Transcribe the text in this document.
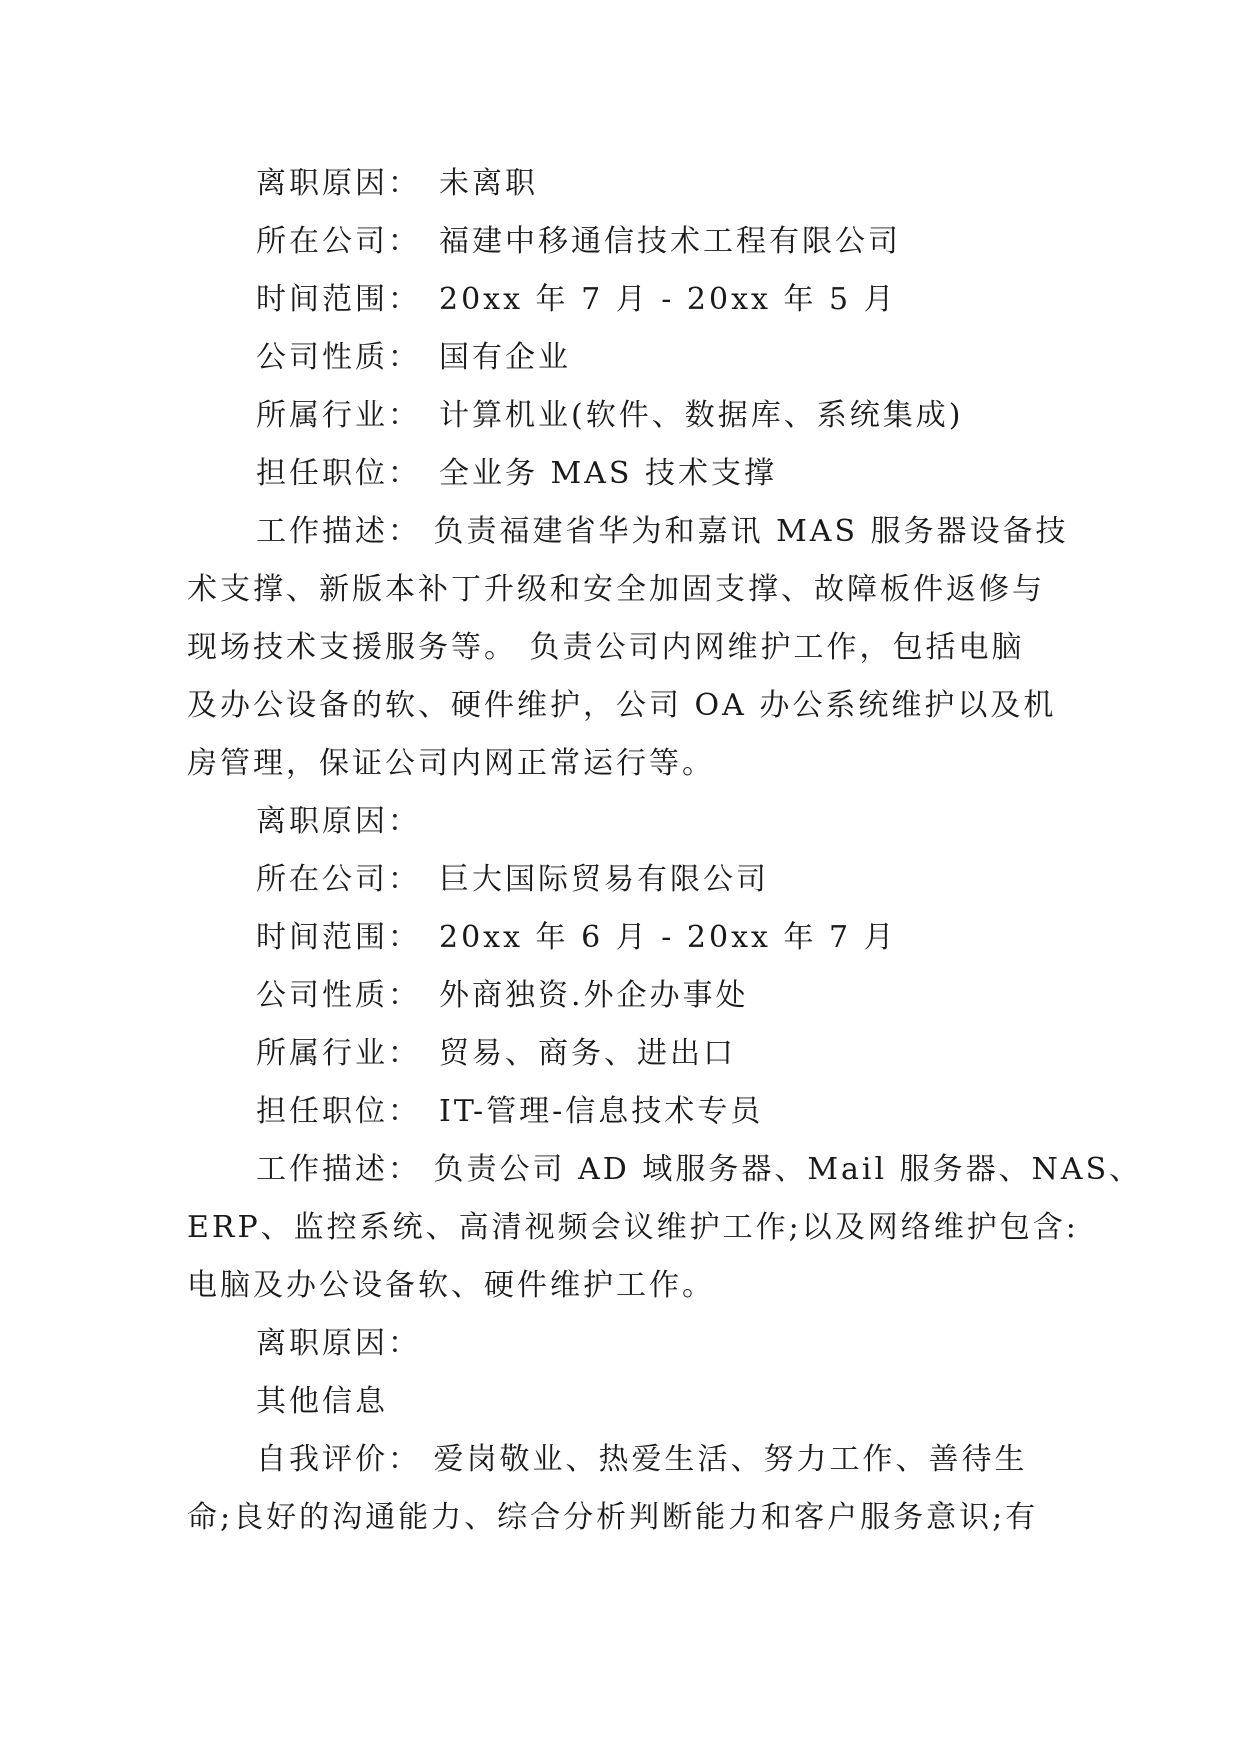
离职原因： 未离职
所在公司： 福建中移通信技术工程有限公司
时间范围： 20xx 年 7 月 - 20xx 年 5 月
公司性质： 国有企业
所属行业： 计算机业(软件、数据库、系统集成)
担任职位： 全业务 MAS 技术支撑
工作描述： 负责福建省华为和嘉讯 MAS 服务器设备技
术支撑、新版本补丁升级和安全加固支撑、故障板件返修与
现场技术支援服务等。 负责公司内网维护工作，包括电脑
及办公设备的软、硬件维护，公司 OA 办公系统维护以及机
房管理，保证公司内网正常运行等。
离职原因：
所在公司： 巨大国际贸易有限公司
时间范围： 20xx 年 6 月 - 20xx 年 7 月
公司性质： 外商独资.外企办事处
所属行业： 贸易、商务、进出口
担任职位： IT-管理-信息技术专员
工作描述： 负责公司 AD 域服务器、Mail 服务器、NAS、
ERP、监控系统、高清视频会议维护工作;以及网络维护包含:
电脑及办公设备软、硬件维护工作。
离职原因：
其他信息
自我评价： 爱岗敬业、热爱生活、努力工作、善待生
命;良好的沟通能力、综合分析判断能力和客户服务意识;有
